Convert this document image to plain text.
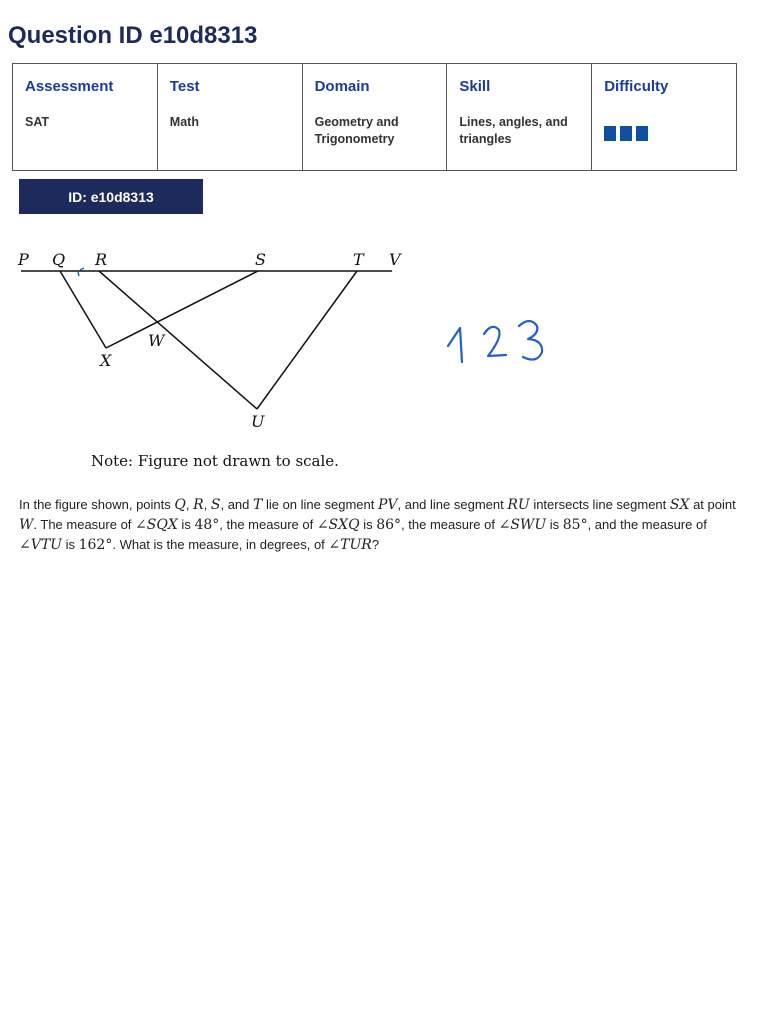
Question ID e10d8313
Assessment	Test	Domain	Skill	Difficulty
SAT	Math	Geometry and Trigonometry	Lines, angles, and triangles	
ID: e10d8313
P Q R	S	T V
W
X
U
Note: Figure not drawn to scale.

In the figure shown, points Q, R, S, and T lie on line segment PV, and line segment RU intersects line segment SX at point W. The measure of ∠SQX is 48°, the measure of ∠SXQ is 86°, the measure of ∠SWU is 85°, and the measure of ∠VTU is 162°. What is the measure, in degrees, of ∠TUR?
